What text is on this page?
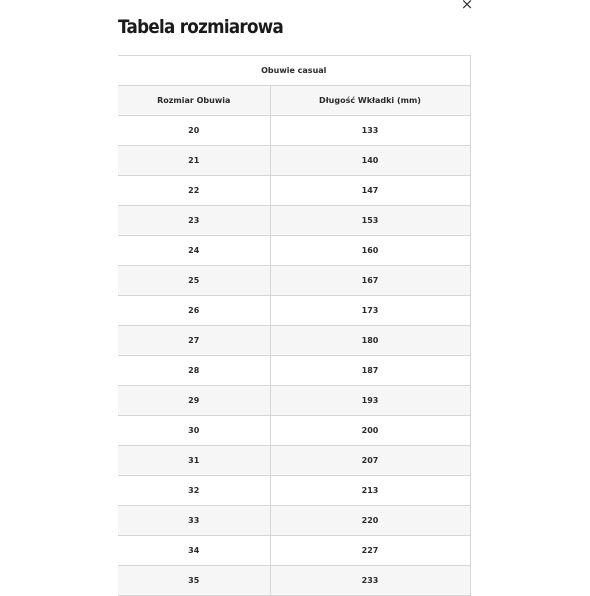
×
Tabela rozmiarowa
Obuwie casual	
Rozmiar Obuwia	Długość Wkładki (mm)
20	133
21	140
22	147
23	153
24	160
25	167
26	173
27	180
28	187
29	193
30	200
31	207
32	213
33	220
34	227
35	233
